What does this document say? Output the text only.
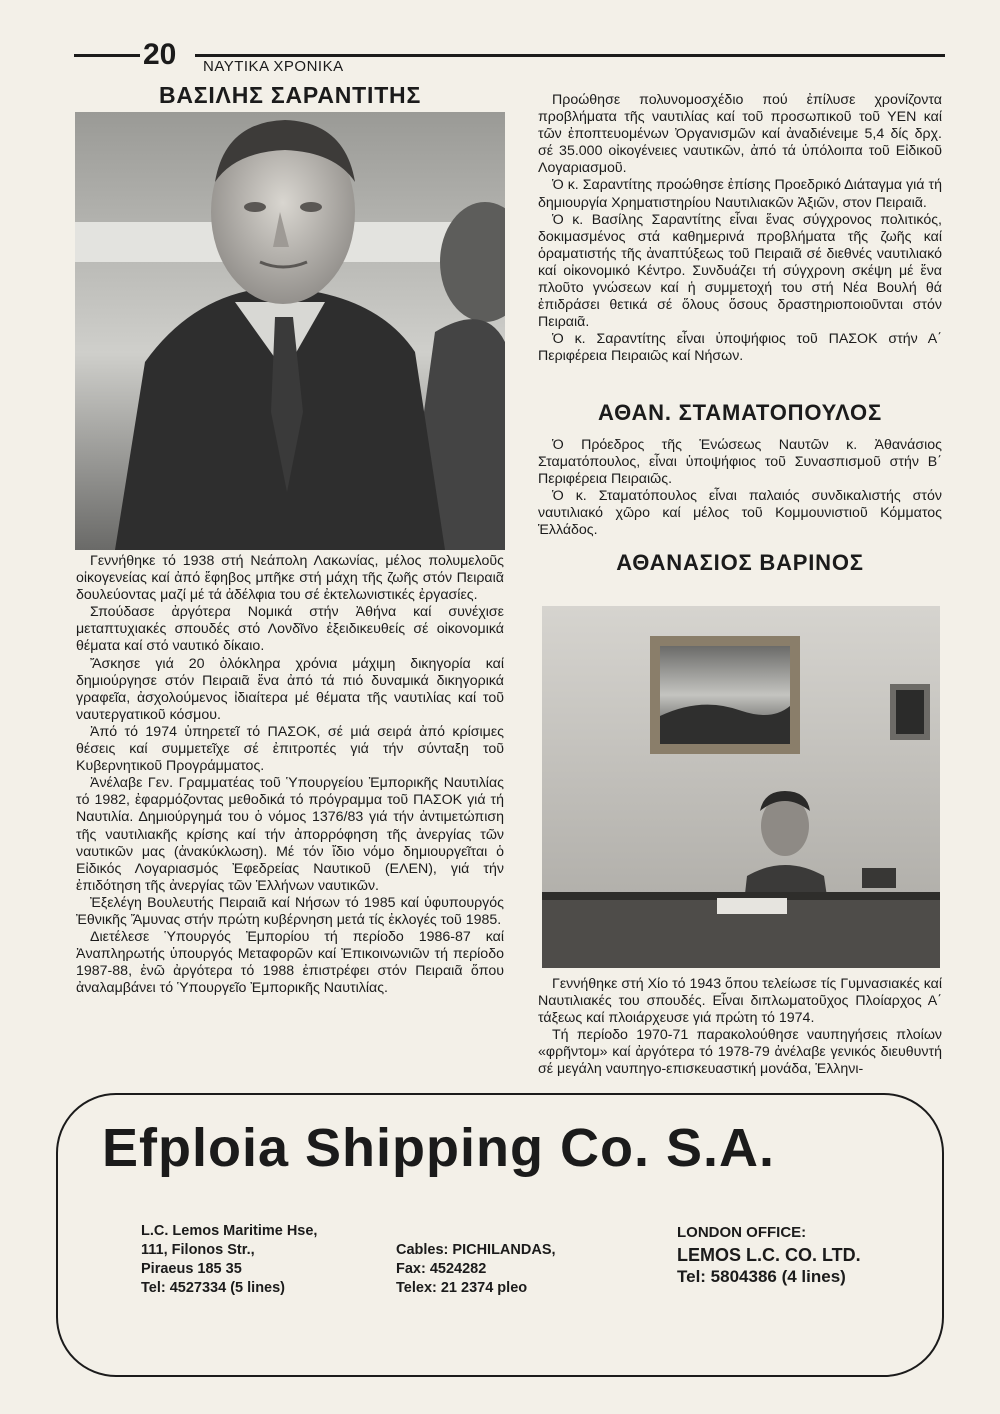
20 ΝΑΥΤΙΚΑ ΧΡΟΝΙΚΑ
ΒΑΣΙΛΗΣ ΣΑΡΑΝΤΙΤΗΣ

Γεννήθηκε τό 1938 στή Νεάπολη Λακωνίας, μέλος πολυμελοῦς οἰκογενείας καί ἀπό ἔφηβος μπῆκε στή μάχη τῆς ζωῆς στόν Πειραιᾶ δουλεύοντας μαζί μέ τά ἀδέλφια του σέ ἐκτελωνιστικές ἐργασίες.

Σπούδασε ἀργότερα Νομικά στήν Ἀθήνα καί συνέχισε μεταπτυχιακές σπουδές στό Λονδῖνο ἐξειδικευθείς σέ οἰκονομικά θέματα καί στό ναυτικό δίκαιο.

Ἄσκησε γιά 20 ὁλόκληρα χρόνια μάχιμη δικηγορία καί δημιούργησε στόν Πειραιᾶ ἕνα ἀπό τά πιό δυναμικά δικηγορικά γραφεῖα, ἀσχολούμενος ἰδιαίτερα μέ θέματα τῆς ναυτιλίας καί τοῦ ναυτεργατικοῦ κόσμου.

Ἀπό τό 1974 ὑπηρετεῖ τό ΠΑΣΟΚ, σέ μιά σειρά ἀπό κρίσιμες θέσεις καί συμμετεῖχε σέ ἐπιτροπές γιά τήν σύνταξη τοῦ Κυβερνητικοῦ Προγράμματος.

Ἀνέλαβε Γεν. Γραμματέας τοῦ Ὑπουργείου Ἐμπορικῆς Ναυτιλίας τό 1982, ἐφαρμόζοντας μεθοδικά τό πρόγραμμα τοῦ ΠΑΣΟΚ γιά τή Ναυτιλία. Δημιούργημά του ὁ νόμος 1376/83 γιά τήν ἀντιμετώπιση τῆς ναυτιλιακῆς κρίσης καί τήν ἀπορρόφηση τῆς ἀνεργίας τῶν ναυτικῶν μας (ἀνακύκλωση). Μέ τόν ἴδιο νόμο δημιουργεῖται ὁ Εἰδικός Λογαριασμός Ἐφεδρείας Ναυτικοῦ (ΕΛΕΝ), γιά τήν ἐπιδότηση τῆς ἀνεργίας τῶν Ἑλλήνων ναυτικῶν.

Ἐξελέγη Βουλευτής Πειραιᾶ καί Νήσων τό 1985 καί ὑφυπουργός Ἐθνικῆς Ἄμυνας στήν πρώτη κυβέρνηση μετά τίς ἐκλογές τοῦ 1985.

Διετέλεσε Ὑπουργός Ἐμπορίου τή περίοδο 1986-87 καί Ἀναπληρωτής ὑπουργός Μεταφορῶν καί Ἐπικοινωνιῶν τή περίοδο 1987-88, ἐνῶ ἀργότερα τό 1988 ἐπιστρέφει στόν Πειραιᾶ ὅπου ἀναλαμβάνει τό Ὑπουργεῖο Ἐμπορικῆς Ναυτιλίας.

Προώθησε πολυνομοσχέδιο πού ἐπίλυσε χρονίζοντα προβλήματα τῆς ναυτιλίας καί τοῦ προσωπικοῦ τοῦ ΥΕΝ καί τῶν ἐποπτευομένων Ὀργανισμῶν καί ἀναδιένειμε 5,4 δίς δρχ. σέ 35.000 οἰκογένειες ναυτικῶν, ἀπό τά ὑπόλοιπα τοῦ Εἰδικοῦ Λογαριασμοῦ.

Ὁ κ. Σαραντίτης προώθησε ἐπίσης Προεδρικό Διάταγμα γιά τή δημιουργία Χρηματιστηρίου Ναυτιλιακῶν Ἀξιῶν, στον Πειραιᾶ.

Ὁ κ. Βασίλης Σαραντίτης εἶναι ἕνας σύγχρονος πολιτικός, δοκιμασμένος στά καθημερινά προβλήματα τῆς ζωῆς καί ὁραματιστής τῆς ἀναπτύξεως τοῦ Πειραιᾶ σέ διεθνές ναυτιλιακό καί οἰκονομικό Κέντρο. Συνδυάζει τή σύγχρονη σκέψη μέ ἕνα πλοῦτο γνώσεων καί ἡ συμμετοχή του στή Νέα Βουλή θά ἐπιδράσει θετικά σέ ὅλους ὅσους δραστηριοποιοῦνται στόν Πειραιᾶ.

Ὁ κ. Σαραντίτης εἶναι ὑποψήφιος τοῦ ΠΑΣΟΚ στήν Α΄ Περιφέρεια Πειραιῶς καί Νήσων.

ΑΘΑΝ. ΣΤΑΜΑΤΟΠΟΥΛΟΣ

Ὁ Πρόεδρος τῆς Ἑνώσεως Ναυτῶν κ. Ἀθανάσιος Σταματόπουλος, εἶναι ὑποψήφιος τοῦ Συνασπισμοῦ στήν Β΄ Περιφέρεια Πειραιῶς.

Ὁ κ. Σταματόπουλος εἶναι παλαιός συνδικαλιστής στόν ναυτιλιακό χῶρο καί μέλος τοῦ Κομμουνιστιοῦ Κόμματος Ἑλλάδος.

ΑΘΑΝΑΣΙΟΣ ΒΑΡΙΝΟΣ

Γεννήθηκε στή Χίο τό 1943 ὅπου τελείωσε τίς Γυμνασιακές καί Ναυτιλιακές του σπουδές. Εἶναι διπλωματοῦχος Πλοίαρχος Α΄ τάξεως καί πλοιάρχευσε γιά πρώτη τό 1974.

Τή περίοδο 1970-71 παρακολούθησε ναυπηγήσεις πλοίων «φρῆντομ» καί ἀργότερα τό 1978-79 ἀνέλαβε γενικός διευθυντή σέ μεγάλη ναυπηγο-επισκευαστική μονάδα, Ἑλληνι-

Efploia Shipping Co. S.A.
L.C. Lemos Maritime Hse,
111, Filonos Str.,
Piraeus 185 35
Tel: 4527334 (5 lines)
Cables: PICHILANDAS,
Fax: 4524282
Telex: 21 2374 pleo
LONDON OFFICE:
LEMOS L.C. CO. LTD.
Tel: 5804386 (4 lines)
